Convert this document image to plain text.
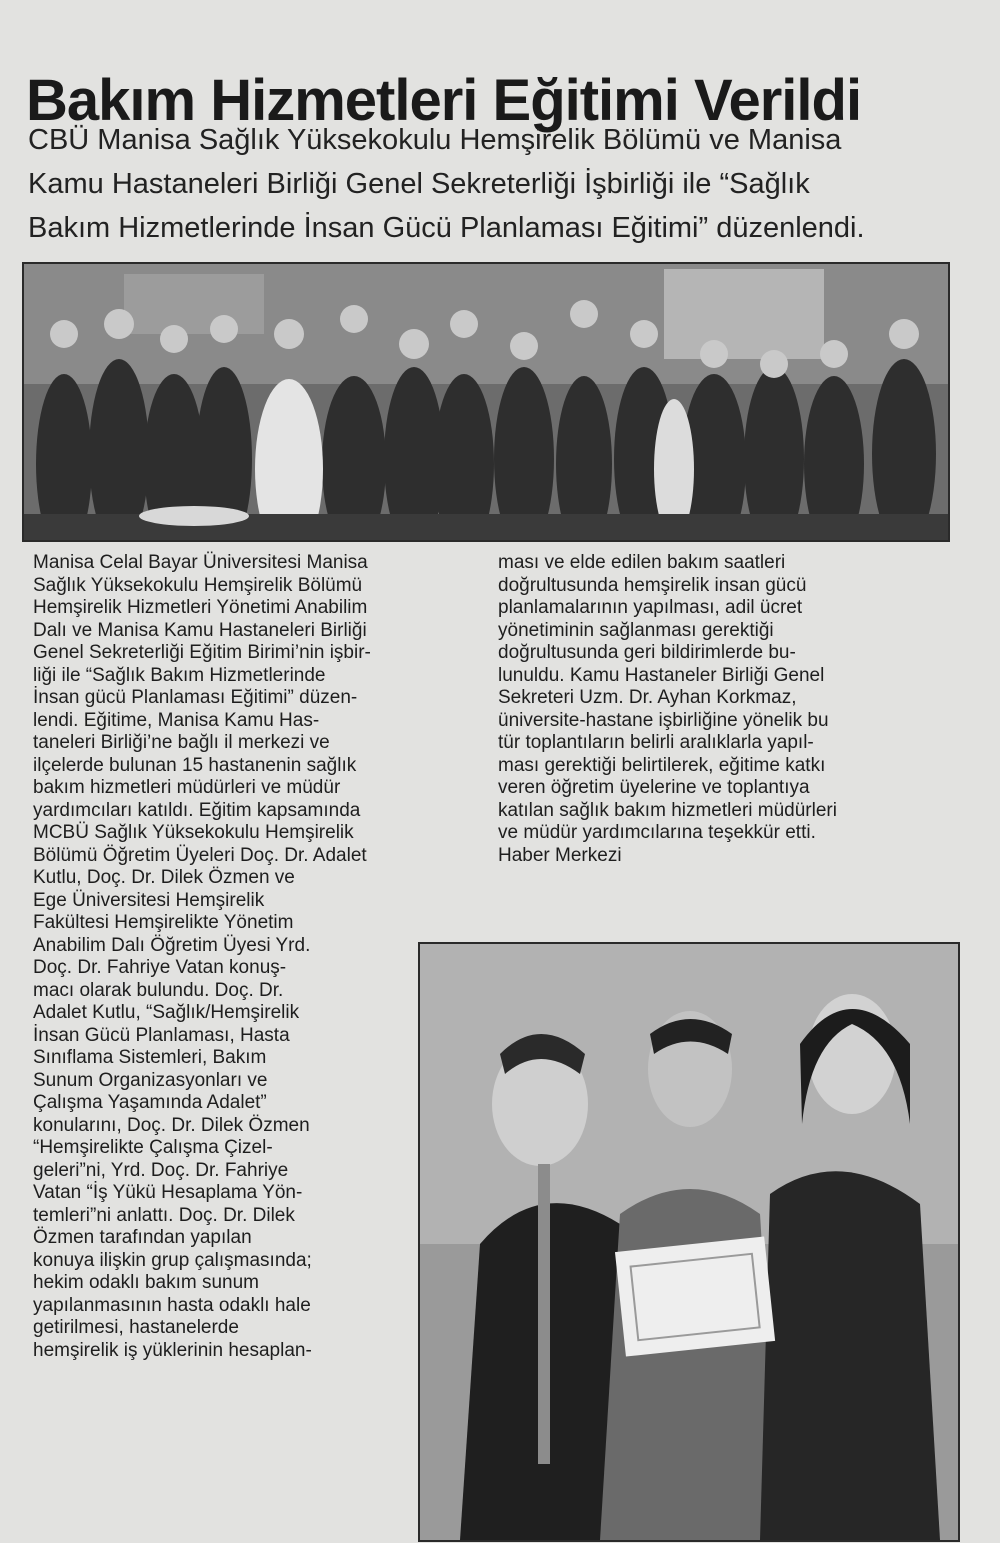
Bakım Hizmetleri Eğitimi Verildi
CBÜ Manisa Sağlık Yüksekokulu Hemşirelik Bölümü ve Manisa
Kamu Hastaneleri Birliği Genel Sekreterliği İşbirliği ile “Sağlık
Bakım Hizmetlerinde İnsan Gücü Planlaması Eğitimi” düzenlendi.
Manisa Celal Bayar Üniversitesi Manisa
Sağlık Yüksekokulu Hemşirelik Bölümü
Hemşirelik Hizmetleri Yönetimi Anabilim
Dalı ve Manisa Kamu Hastaneleri Birliği
Genel Sekreterliği Eğitim Birimi’nin işbir-
liği ile “Sağlık Bakım Hizmetlerinde
İnsan gücü Planlaması Eğitimi” düzen-
lendi. Eğitime, Manisa Kamu Has-
taneleri Birliği’ne bağlı il merkezi ve
ilçelerde bulunan 15 hastanenin sağlık
bakım hizmetleri müdürleri ve müdür
yardımcıları katıldı. Eğitim kapsamında
MCBÜ Sağlık Yüksekokulu Hemşirelik
Bölümü Öğretim Üyeleri Doç. Dr. Adalet
Kutlu, Doç. Dr. Dilek Özmen ve
Ege Üniversitesi Hemşirelik
Fakültesi Hemşirelikte Yönetim
Anabilim Dalı Öğretim Üyesi Yrd.
Doç. Dr. Fahriye Vatan konuş-
macı olarak bulundu. Doç. Dr.
Adalet Kutlu, “Sağlık/Hemşirelik
İnsan Gücü Planlaması, Hasta
Sınıflama Sistemleri, Bakım
Sunum Organizasyonları ve
Çalışma Yaşamında Adalet”
konularını, Doç. Dr. Dilek Özmen
“Hemşirelikte Çalışma Çizel-
geleri”ni, Yrd. Doç. Dr. Fahriye
Vatan “İş Yükü Hesaplama Yön-
temleri”ni anlattı. Doç. Dr. Dilek
Özmen tarafından yapılan
konuya ilişkin grup çalışmasında;
hekim odaklı bakım sunum
yapılanmasının hasta odaklı hale
getirilmesi, hastanelerde
hemşirelik iş yüklerinin hesaplan-
ması ve elde edilen bakım saatleri
doğrultusunda hemşirelik insan gücü
planlamalarının yapılması, adil ücret
yönetiminin sağlanması gerektiği
doğrultusunda geri bildirimlerde bu-
lunuldu. Kamu Hastaneler Birliği Genel
Sekreteri Uzm. Dr. Ayhan Korkmaz,
üniversite-hastane işbirliğine yönelik bu
tür toplantıların belirli aralıklarla yapıl-
ması gerektiği belirtilerek, eğitime katkı
veren öğretim üyelerine ve toplantıya
katılan sağlık bakım hizmetleri müdürleri
ve müdür yardımcılarına teşekkür etti.
Haber Merkezi
